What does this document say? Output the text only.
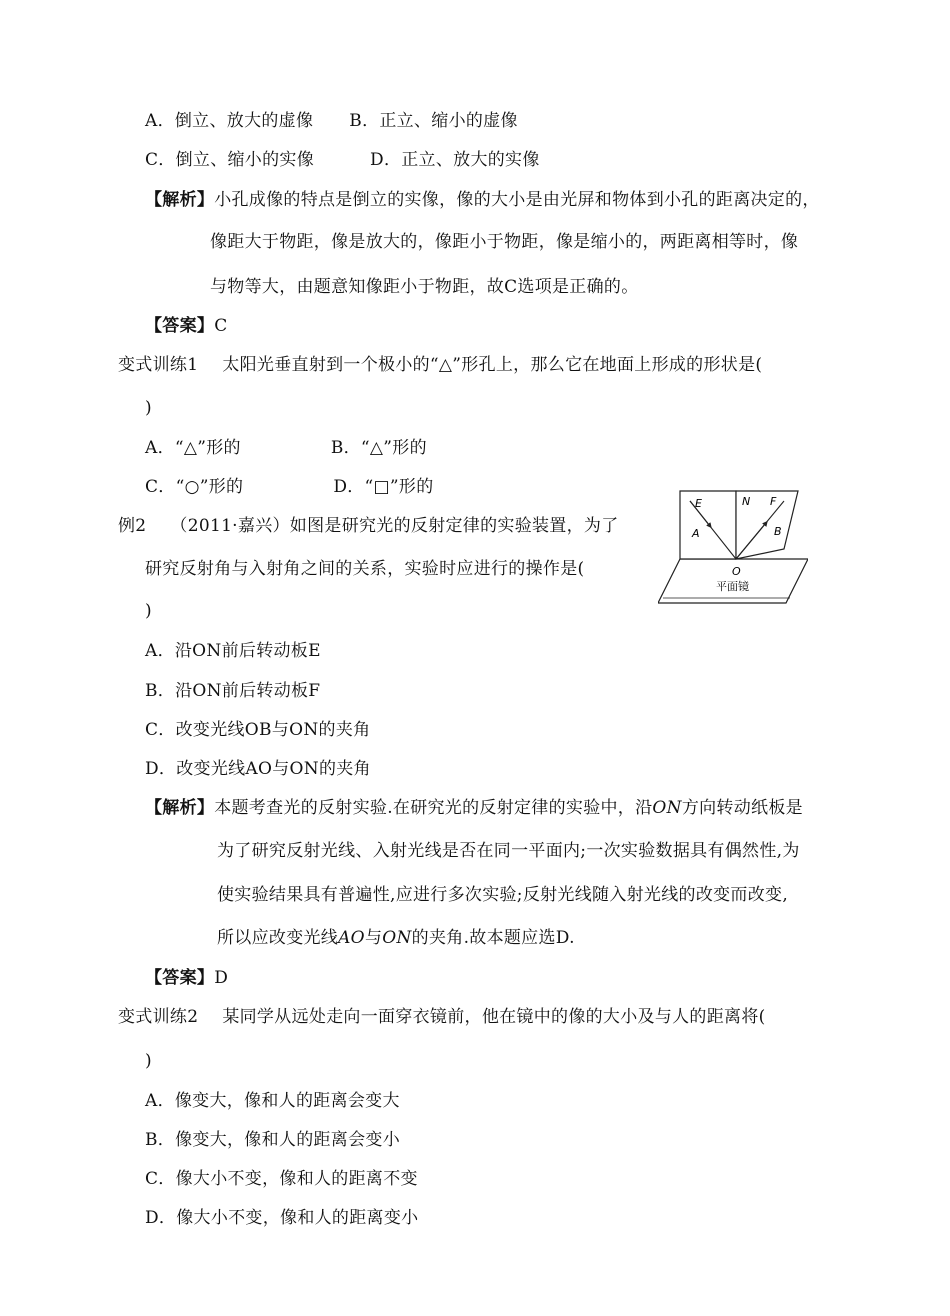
A．倒立、放大的虚像 B．正立、缩小的虚像
C．倒立、缩小的实像	D．正立、放大的实像
【解析】小孔成像的特点是倒立的实像，像的大小是由光屏和物体到小孔的距离决定的，
像距大于物距，像是放大的，像距小于物距，像是缩小的，两距离相等时，像
与物等大，由题意知像距小于物距，故C选项是正确的。
【答案】C
变式训练1 太阳光垂直射到一个极小的“△”形孔上，那么它在地面上形成的形状是(
)
A．“△”形的	B．“△”形的
C．“○”形的	D．“□”形的
例2 （2011·嘉兴）如图是研究光的反射定律的实验装置，为了
研究反射角与入射角之间的关系，实验时应进行的操作是(
)
E	N F
A	B
O
平面镜
A．沿ON前后转动板E
B．沿ON前后转动板F
C．改变光线OB与ON的夹角
D．改变光线AO与ON的夹角
【解析】本题考查光的反射实验.在研究光的反射定律的实验中，沿ON方向转动纸板是
为了研究反射光线、入射光线是否在同一平面内;一次实验数据具有偶然性,为
使实验结果具有普遍性,应进行多次实验;反射光线随入射光线的改变而改变,
所以应改变光线AO与ON的夹角.故本题应选D.
【答案】D
变式训练2 某同学从远处走向一面穿衣镜前，他在镜中的像的大小及与人的距离将(
)
A．像变大，像和人的距离会变大
B．像变大，像和人的距离会变小
C．像大小不变，像和人的距离不变
D．像大小不变，像和人的距离变小
